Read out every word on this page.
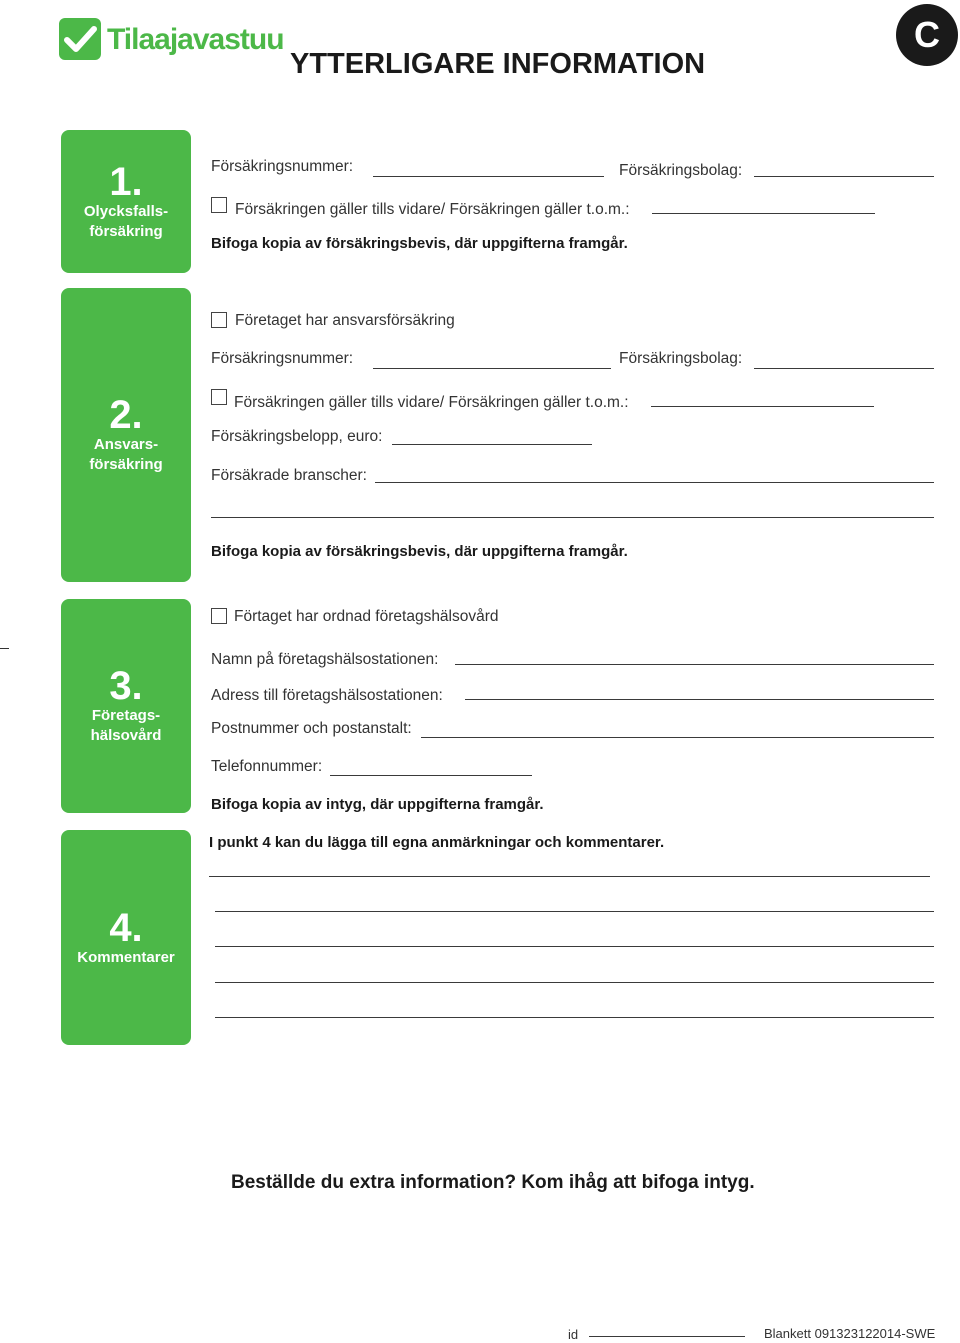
Tilaajavastuu
YTTERLIGARE INFORMATION
C
1.
Olycksfalls-
försäkring
Försäkringsnummer:	Försäkringsbolag:
Försäkringen gäller tills vidare/ Försäkringen gäller t.o.m.:
Bifoga kopia av försäkringsbevis, där uppgifterna framgår.
2.
Ansvars-
försäkring
Företaget har ansvarsförsäkring
Försäkringsnummer:	Försäkringsbolag:
Försäkringen gäller tills vidare/ Försäkringen gäller t.o.m.:
Försäkringsbelopp, euro:
Försäkrade branscher:
Bifoga kopia av försäkringsbevis, där uppgifterna framgår.
3.
Företags-
hälsovård
Förtaget har ordnad företagshälsovård
Namn på företagshälsostationen:
Adress till företagshälsostationen:
Postnummer och postanstalt:
Telefonnummer:
Bifoga kopia av intyg, där uppgifterna framgår.
4.
Kommentarer
I punkt 4 kan du lägga till egna anmärkningar och kommentarer.
Beställde du extra information? Kom ihåg att bifoga intyg.
id	Blankett 091323122014-SWE
